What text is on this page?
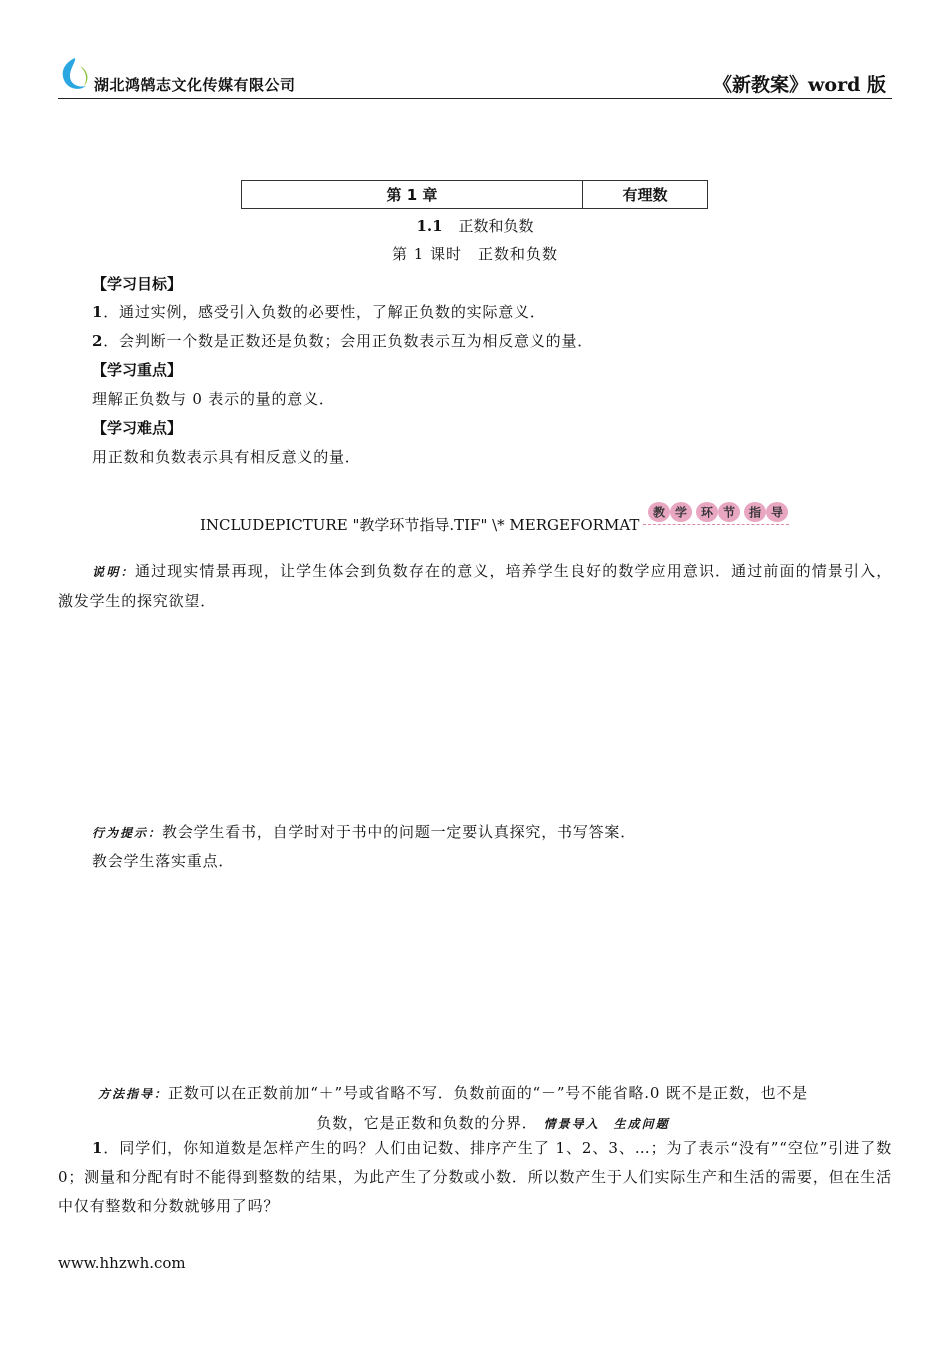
湖北鸿鹄志文化传媒有限公司	《新教案》word 版
第 1 章	有理数
1.1 正数和负数
第 1 课时　正数和负数
【学习目标】
1．通过实例，感受引入负数的必要性，了解正负数的实际意义．
2．会判断一个数是正数还是负数；会用正负数表示互为相反意义的量．
【学习重点】
理解正负数与 0 表示的量的意义．
【学习难点】
用正数和负数表示具有相反意义的量．
INCLUDEPICTURE "教学环节指导.TIF" \* MERGEFORMAT
教 学 环 节 指 导
说明：通过现实情景再现，让学生体会到负数存在的意义，培养学生良好的数学应用意识．通过前面的情景引入，激发学生的探究欲望．
行为提示：教会学生看书，自学时对于书中的问题一定要认真探究，书写答案．
教会学生落实重点．
方法指导：正数可以在正数前加“＋”号或省略不写．负数前面的“－”号不能省略.0 既不是正数，也不是
负数，它是正数和负数的分界． 情景导入　生成问题
1．同学们，你知道数是怎样产生的吗？人们由记数、排序产生了 1、2、3、…；为了表示“没有”“空位”引进了数 0；测量和分配有时不能得到整数的结果，为此产生了分数或小数．所以数产生于人们实际生产和生活的需要，但在生活中仅有整数和分数就够用了吗？
www.hhzwh.com
